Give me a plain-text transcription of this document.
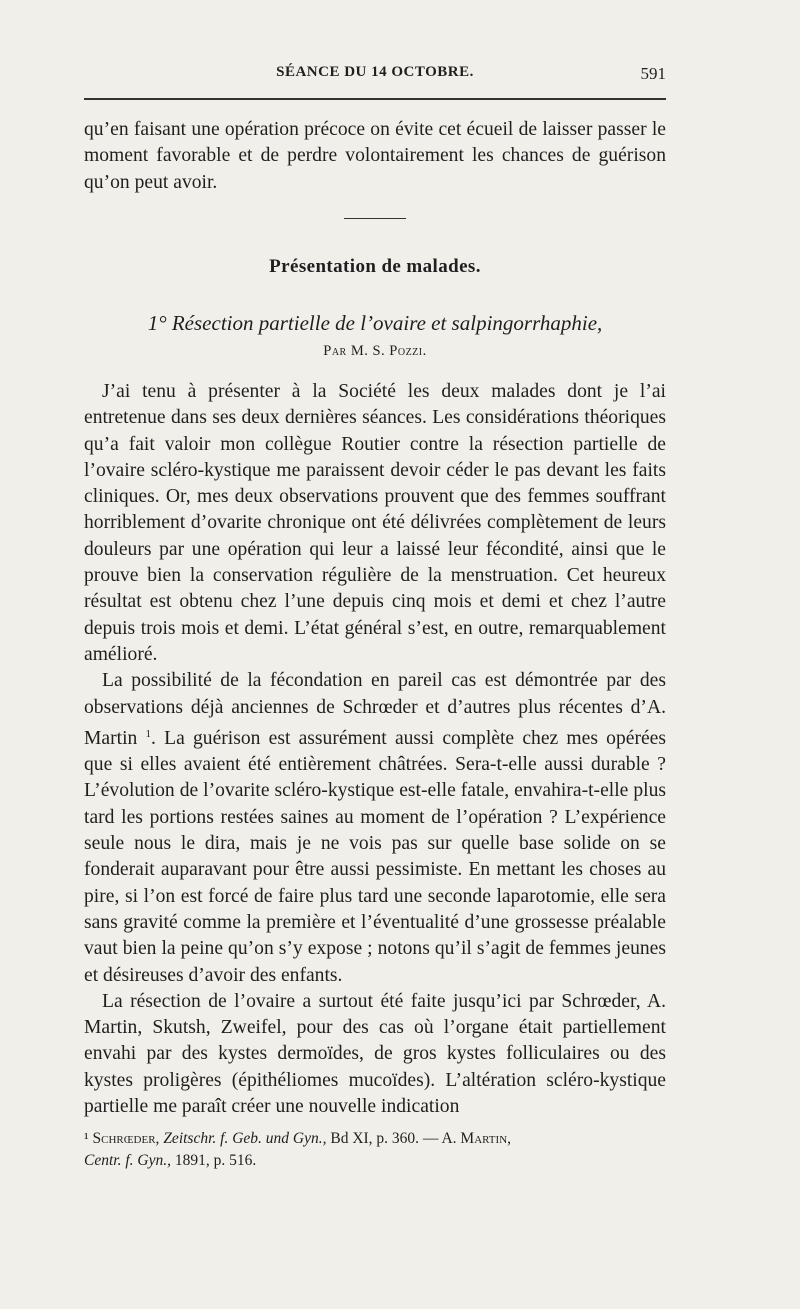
SÉANCE DU 14 OCTOBRE.	591

qu’en faisant une opération précoce on évite cet écueil de laisser passer le moment favorable et de perdre volontairement les chances de guérison qu’on peut avoir.

Présentation de malades.
1° Résection partielle de l’ovaire et salpingorrhaphie,
Par M. S. Pozzi.

J’ai tenu à présenter à la Société les deux malades dont je l’ai entretenue dans ses deux dernières séances. Les considérations théoriques qu’a fait valoir mon collègue Routier contre la résection partielle de l’ovaire scléro-kystique me paraissent devoir céder le pas devant les faits cliniques. Or, mes deux observations prouvent que des femmes souffrant horriblement d’ovarite chronique ont été délivrées complètement de leurs douleurs par une opération qui leur a laissé leur fécondité, ainsi que le prouve bien la conservation régulière de la menstruation. Cet heureux résultat est obtenu chez l’une depuis cinq mois et demi et chez l’autre depuis trois mois et demi. L’état général s’est, en outre, remarquablement amélioré.

La possibilité de la fécondation en pareil cas est démontrée par des observations déjà anciennes de Schrœder et d’autres plus récentes d’A. Martin $^1$. La guérison est assurément aussi complète chez mes opérées que si elles avaient été entièrement châtrées. Sera-t-elle aussi durable ? L’évolution de l’ovarite scléro-kystique est-elle fatale, envahira-t-elle plus tard les portions restées saines au moment de l’opération ? L’expérience seule nous le dira, mais je ne vois pas sur quelle base solide on se fonderait auparavant pour être aussi pessimiste. En mettant les choses au pire, si l’on est forcé de faire plus tard une seconde laparotomie, elle sera sans gravité comme la première et l’éventualité d’une grossesse préalable vaut bien la peine qu’on s’y expose ; notons qu’il s’agit de femmes jeunes et désireuses d’avoir des enfants.

La résection de l’ovaire a surtout été faite jusqu’ici par Schrœder, A. Martin, Skutsh, Zweifel, pour des cas où l’organe était partiellement envahi par des kystes dermoïdes, de gros kystes folliculaires ou des kystes proligères (épithéliomes mucoïdes). L’altération scléro-kystique partielle me paraît créer une nouvelle indication

¹ Schrœder, Zeitschr. f. Geb. und Gyn., Bd XI, p. 360. — A. Martin,
Centr. f. Gyn., 1891, p. 516.
